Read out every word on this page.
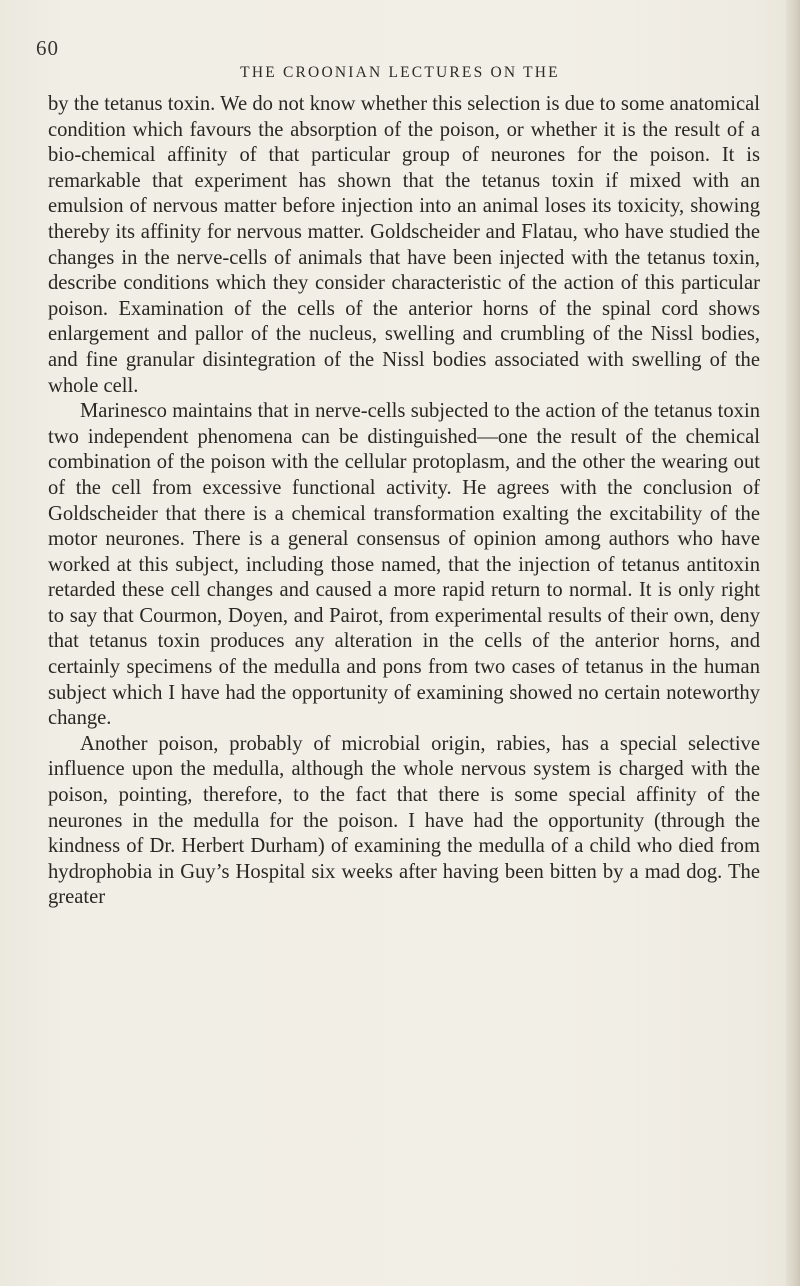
60
THE CROONIAN LECTURES ON THE

by the tetanus toxin. We do not know whether this selection is due to some anatomical condition which favours the absorption of the poison, or whether it is the result of a bio-chemical affinity of that particular group of neurones for the poison. It is remarkable that experiment has shown that the tetanus toxin if mixed with an emulsion of nervous matter before injection into an animal loses its toxicity, showing thereby its affinity for nervous matter. Goldscheider and Flatau, who have studied the changes in the nerve-cells of animals that have been injected with the tetanus toxin, describe conditions which they consider characteristic of the action of this particular poison. Examination of the cells of the anterior horns of the spinal cord shows enlargement and pallor of the nucleus, swelling and crumbling of the Nissl bodies, and fine granular disintegration of the Nissl bodies associated with swelling of the whole cell.

Marinesco maintains that in nerve-cells subjected to the action of the tetanus toxin two independent phenomena can be distinguished—one the result of the chemical combination of the poison with the cellular protoplasm, and the other the wearing out of the cell from excessive functional activity. He agrees with the conclusion of Goldscheider that there is a chemical transformation exalting the excitability of the motor neurones. There is a general consensus of opinion among authors who have worked at this subject, including those named, that the injection of tetanus antitoxin retarded these cell changes and caused a more rapid return to normal. It is only right to say that Courmon, Doyen, and Pairot, from experimental results of their own, deny that tetanus toxin produces any alteration in the cells of the anterior horns, and certainly specimens of the medulla and pons from two cases of tetanus in the human subject which I have had the opportunity of examining showed no certain noteworthy change.

Another poison, probably of microbial origin, rabies, has a special selective influence upon the medulla, although the whole nervous system is charged with the poison, pointing, therefore, to the fact that there is some special affinity of the neurones in the medulla for the poison. I have had the opportunity (through the kindness of Dr. Herbert Durham) of examining the medulla of a child who died from hydrophobia in Guy’s Hospital six weeks after having been bitten by a mad dog. The greater
